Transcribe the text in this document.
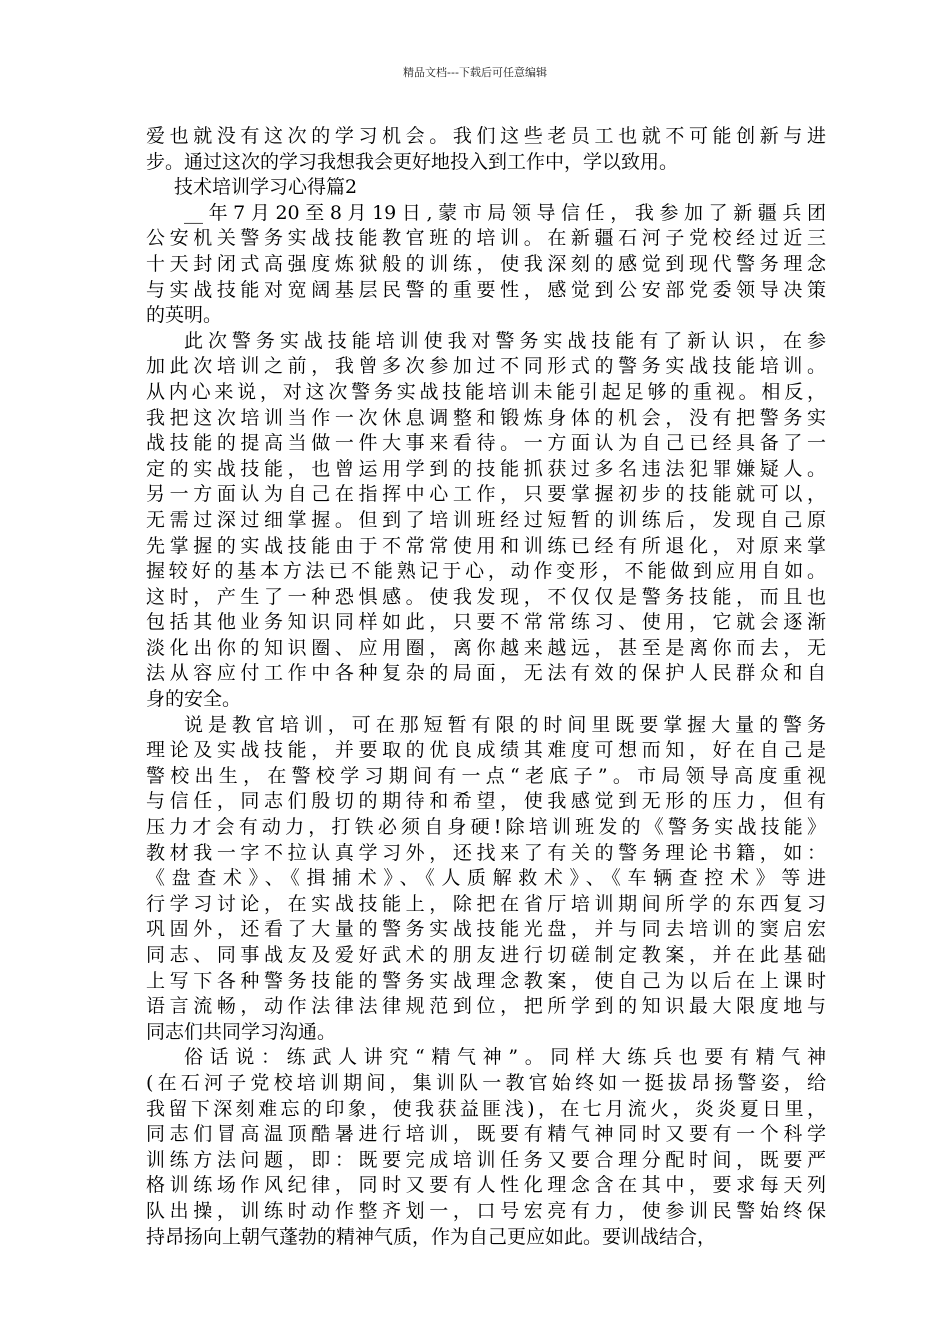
精品文档---下载后可任意编辑
爱也就没有这次的学习机会。我们这些老员工也就不可能创新与进
步。通过这次的学习我想我会更好地投入到工作中，学以致用。
技术培训学习心得篇2
__年7月20至8月19日,蒙市局领导信任，我参加了新疆兵团
公安机关警务实战技能教官班的培训。在新疆石河子党校经过近三
十天封闭式高强度炼狱般的训练，使我深刻的感觉到现代警务理念
与实战技能对宽阔基层民警的重要性，感觉到公安部党委领导决策
的英明。
此次警务实战技能培训使我对警务实战技能有了新认识，在参
加此次培训之前，我曾多次参加过不同形式的警务实战技能培训。
从内心来说，对这次警务实战技能培训未能引起足够的重视。相反，
我把这次培训当作一次休息调整和锻炼身体的机会，没有把警务实
战技能的提高当做一件大事来看待。一方面认为自己已经具备了一
定的实战技能，也曾运用学到的技能抓获过多名违法犯罪嫌疑人。
另一方面认为自己在指挥中心工作，只要掌握初步的技能就可以，
无需过深过细掌握。但到了培训班经过短暂的训练后，发现自己原
先掌握的实战技能由于不常常使用和训练已经有所退化，对原来掌
握较好的基本方法已不能熟记于心，动作变形，不能做到应用自如。
这时，产生了一种恐惧感。使我发现，不仅仅是警务技能，而且也
包括其他业务知识同样如此，只要不常常练习、使用，它就会逐渐
淡化出你的知识圈、应用圈，离你越来越远，甚至是离你而去，无
法从容应付工作中各种复杂的局面，无法有效的保护人民群众和自
身的安全。
说是教官培训，可在那短暂有限的时间里既要掌握大量的警务
理论及实战技能，并要取的优良成绩其难度可想而知，好在自己是
警校出生，在警校学习期间有一点“老底子”。市局领导高度重视
与信任，同志们殷切的期待和希望，使我感觉到无形的压力，但有
压力才会有动力，打铁必须自身硬!除培训班发的《警务实战技能》
教材我一字不拉认真学习外，还找来了有关的警务理论书籍，如：
《盘查术》、《揖捕术》、《人质解救术》、《车辆查控术》等进
行学习讨论，在实战技能上，除把在省厅培训期间所学的东西复习
巩固外，还看了大量的警务实战技能光盘，并与同去培训的窦启宏
同志、同事战友及爱好武术的朋友进行切磋制定教案，并在此基础
上写下各种警务技能的警务实战理念教案，使自己为以后在上课时
语言流畅，动作法律法律规范到位，把所学到的知识最大限度地与
同志们共同学习沟通。
俗话说：练武人讲究“精气神”。同样大练兵也要有精气神
(在石河子党校培训期间，集训队一教官始终如一挺拔昂扬警姿，给
我留下深刻难忘的印象，使我获益匪浅)，在七月流火，炎炎夏日里，
同志们冒高温顶酷暑进行培训，既要有精气神同时又要有一个科学
训练方法问题，即：既要完成培训任务又要合理分配时间，既要严
格训练场作风纪律，同时又要有人性化理念含在其中，要求每天列
队出操，训练时动作整齐划一，口号宏亮有力，使参训民警始终保
持昂扬向上朝气蓬勃的精神气质，作为自己更应如此。要训战结合，
